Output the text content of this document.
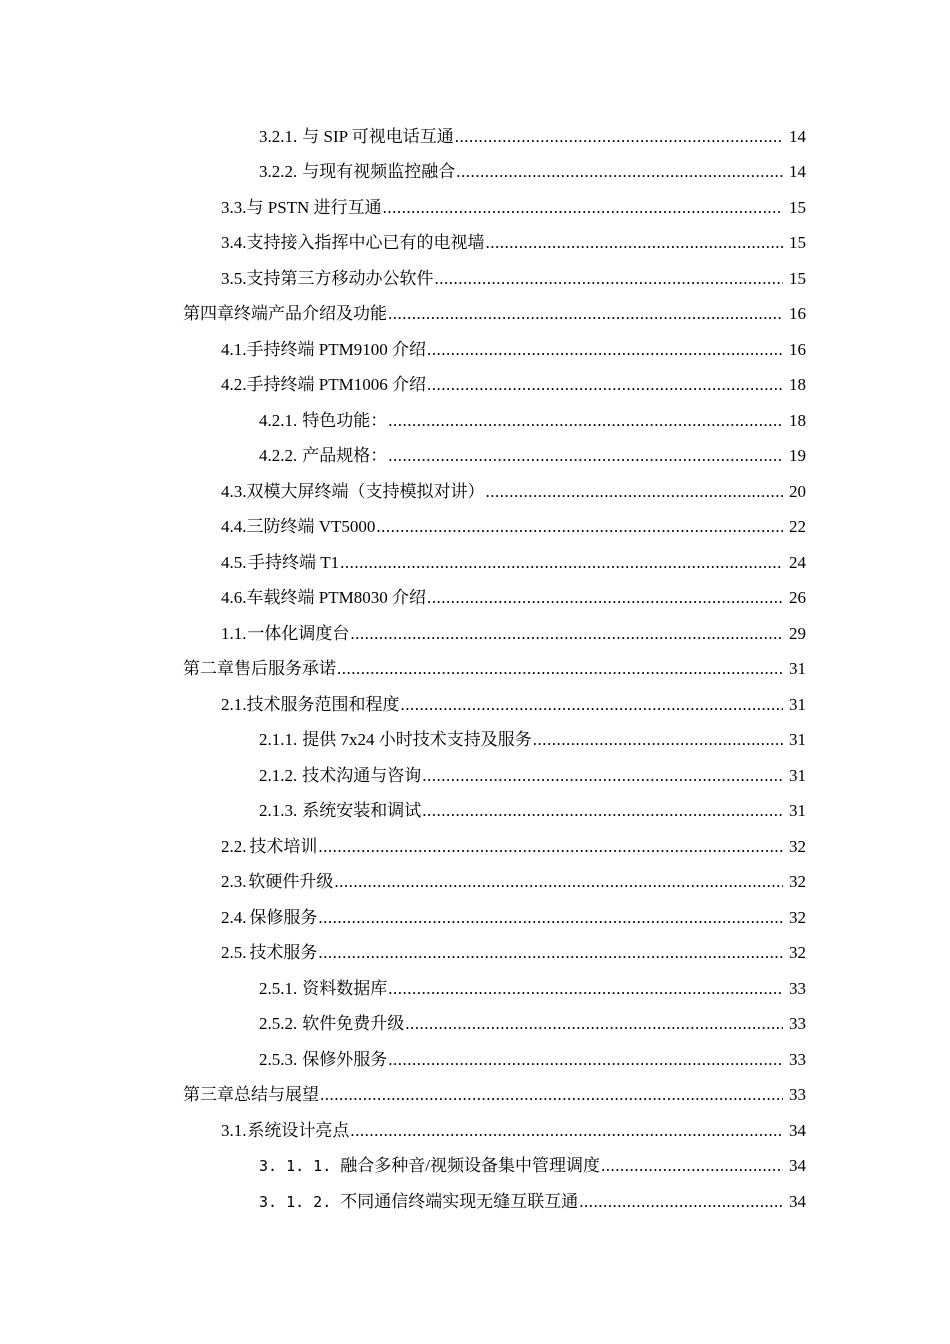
3.2.1. 与 SIP 可视电话互通 .....	14
3.2.2. 与现有视频监控融合 .....	14
3.3. 与 PSTN 进行互通 .....	15
3.4. 支持接入指挥中心已有的电视墙 .....	15
3.5. 支持第三方移动办公软件 .....	15
第四章 终端产品介绍及功能 .....	16
4.1. 手持终端 PTM9100 介绍 .....	16
4.2. 手持终端 PTM1006 介绍 .....	18
4.2.1. 特色功能： .....	18
4.2.2. 产品规格： .....	19
4.3. 双模大屏终端（支持模拟对讲） .....	20
4.4. 三防终端 VT5000 .....	22
4.5. 手持终端 T1 .....	24
4.6. 车载终端 PTM8030 介绍 .....	26
1.1. 一体化调度台 .....	29
第二章 售后服务承诺 .....	31
2.1. 技术服务范围和程度 .....	31
2.1.1. 提供 7x24 小时技术支持及服务 .....	31
2.1.2. 技术沟通与咨询 .....	31
2.1.3. 系统安装和调试 .....	31
2.2. 技术培训 .....	32
2.3. 软硬件升级 .....	32
2.4. 保修服务 .....	32
2.5. 技术服务 .....	32
2.5.1. 资料数据库 .....	33
2.5.2. 软件免费升级 .....	33
2.5.3. 保修外服务 .....	33
第三章 总结与展望 .....	33
3.1. 系统设计亮点 .....	34
3. 1. 1. 融合多种音/视频设备集中管理调度 .....	34
3. 1. 2. 不同通信终端实现无缝互联互通 .....	34
